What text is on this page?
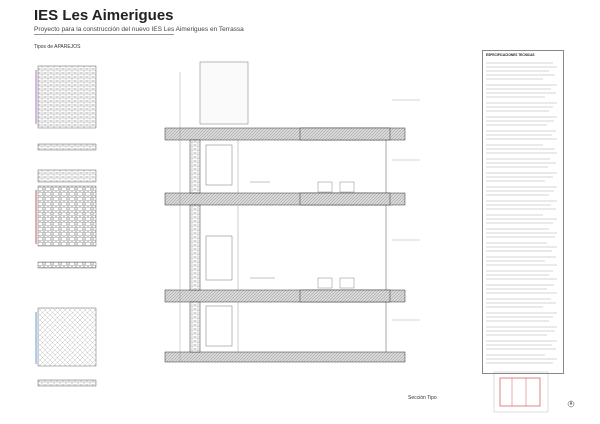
IES Les Aimerigues
Proyecto para la construcción del nuevo IES Les Aimerigues en Terrassa
Tipos de APAREJOS
Sección Tipo
ESPECIFICACIONES TECNICAS
